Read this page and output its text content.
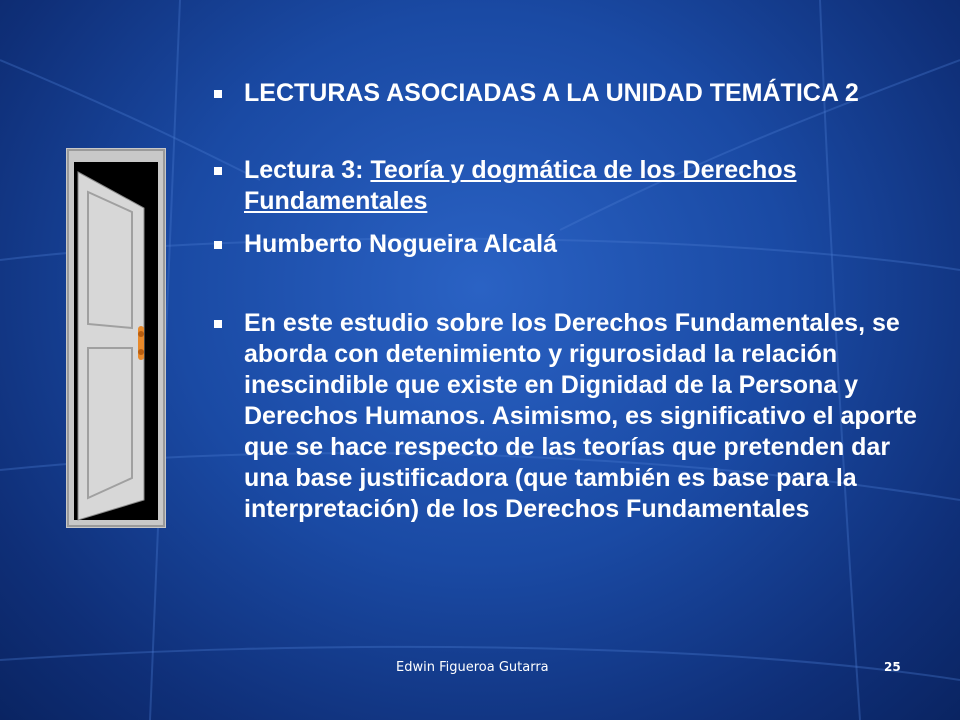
LECTURAS ASOCIADAS A LA UNIDAD TEMÁTICA 2
Lectura 3: Teoría y dogmática de los Derechos Fundamentales
Humberto Nogueira Alcalá
En este estudio sobre los Derechos Fundamentales, se aborda con detenimiento y rigurosidad la relación inescindible que existe en Dignidad de la Persona y Derechos Humanos. Asimismo, es significativo el aporte que se hace respecto de las teorías que pretenden dar una base justificadora (que también es base para la interpretación) de los Derechos Fundamentales
Edwin Figueroa Gutarra	25
